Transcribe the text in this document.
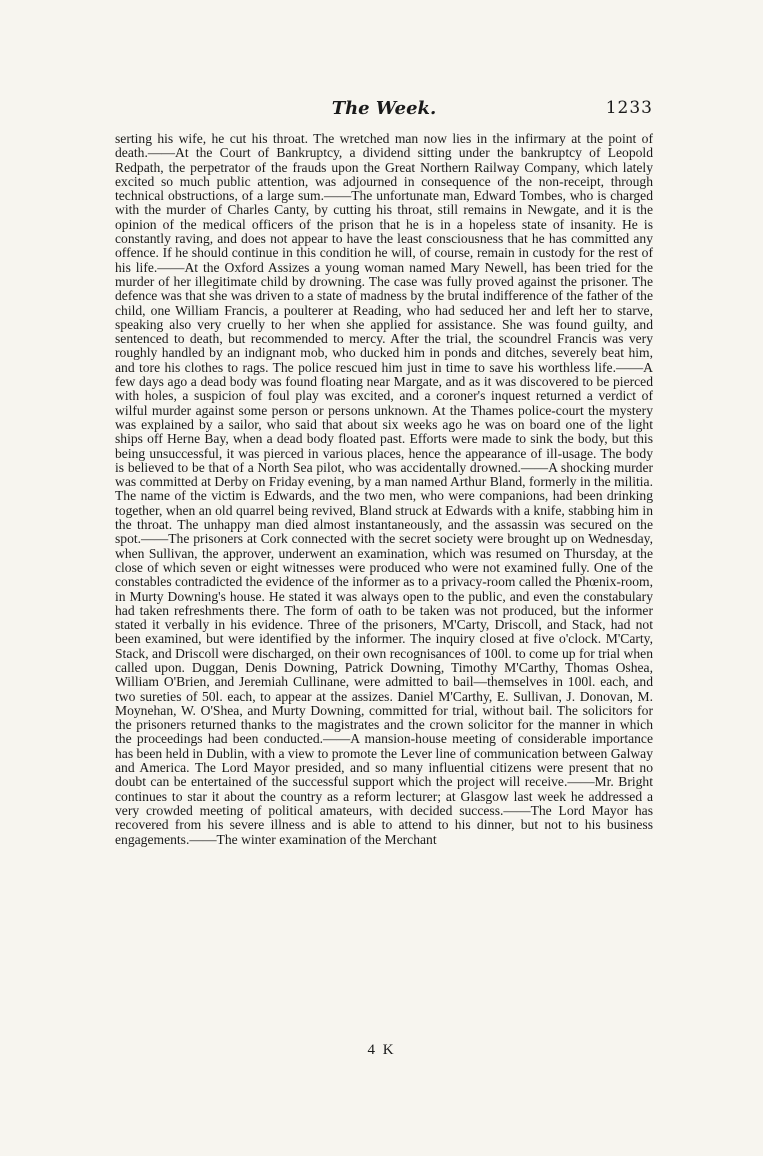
The Week.	1233

serting his wife, he cut his throat. The wretched man now lies in the infirmary at the point of death.——At the Court of Bankruptcy, a dividend sitting under the bankruptcy of Leopold Redpath, the perpetrator of the frauds upon the Great Northern Railway Company, which lately excited so much public attention, was adjourned in consequence of the non-receipt, through technical obstructions, of a large sum.——The unfortunate man, Edward Tombes, who is charged with the murder of Charles Canty, by cutting his throat, still remains in Newgate, and it is the opinion of the medical officers of the prison that he is in a hopeless state of insanity. He is constantly raving, and does not appear to have the least consciousness that he has committed any offence. If he should continue in this condition he will, of course, remain in custody for the rest of his life.——At the Oxford Assizes a young woman named Mary Newell, has been tried for the murder of her illegitimate child by drowning. The case was fully proved against the prisoner. The defence was that she was driven to a state of madness by the brutal indifference of the father of the child, one William Francis, a poulterer at Reading, who had seduced her and left her to starve, speaking also very cruelly to her when she applied for assistance. She was found guilty, and sentenced to death, but recommended to mercy. After the trial, the scoundrel Francis was very roughly handled by an indignant mob, who ducked him in ponds and ditches, severely beat him, and tore his clothes to rags. The police rescued him just in time to save his worthless life.——A few days ago a dead body was found floating near Margate, and as it was discovered to be pierced with holes, a suspicion of foul play was excited, and a coroner's inquest returned a verdict of wilful murder against some person or persons unknown. At the Thames police-court the mystery was explained by a sailor, who said that about six weeks ago he was on board one of the light ships off Herne Bay, when a dead body floated past. Efforts were made to sink the body, but this being unsuccessful, it was pierced in various places, hence the appearance of ill-usage. The body is believed to be that of a North Sea pilot, who was accidentally drowned.——A shocking murder was committed at Derby on Friday evening, by a man named Arthur Bland, formerly in the militia. The name of the victim is Edwards, and the two men, who were companions, had been drinking together, when an old quarrel being revived, Bland struck at Edwards with a knife, stabbing him in the throat. The unhappy man died almost instantaneously, and the assassin was secured on the spot.——The prisoners at Cork connected with the secret society were brought up on Wednesday, when Sullivan, the approver, underwent an examination, which was resumed on Thursday, at the close of which seven or eight witnesses were produced who were not examined fully. One of the constables contradicted the evidence of the informer as to a privacy-room called the Phœnix-room, in Murty Downing's house. He stated it was always open to the public, and even the constabulary had taken refreshments there. The form of oath to be taken was not produced, but the informer stated it verbally in his evidence. Three of the prisoners, M'Carty, Driscoll, and Stack, had not been examined, but were identified by the informer. The inquiry closed at five o'clock. M'Carty, Stack, and Driscoll were discharged, on their own recognisances of 100l. to come up for trial when called upon. Duggan, Denis Downing, Patrick Downing, Timothy M'Carthy, Thomas Oshea, William O'Brien, and Jeremiah Cullinane, were admitted to bail—themselves in 100l. each, and two sureties of 50l. each, to appear at the assizes. Daniel M'Carthy, E. Sullivan, J. Donovan, M. Moynehan, W. O'Shea, and Murty Downing, committed for trial, without bail. The solicitors for the prisoners returned thanks to the magistrates and the crown solicitor for the manner in which the proceedings had been conducted.——A mansion-house meeting of considerable importance has been held in Dublin, with a view to promote the Lever line of communication between Galway and America. The Lord Mayor presided, and so many influential citizens were present that no doubt can be entertained of the successful support which the project will receive.——Mr. Bright continues to star it about the country as a reform lecturer; at Glasgow last week he addressed a very crowded meeting of political amateurs, with decided success.——The Lord Mayor has recovered from his severe illness and is able to attend to his dinner, but not to his business engagements.——The winter examination of the Merchant

4 K
